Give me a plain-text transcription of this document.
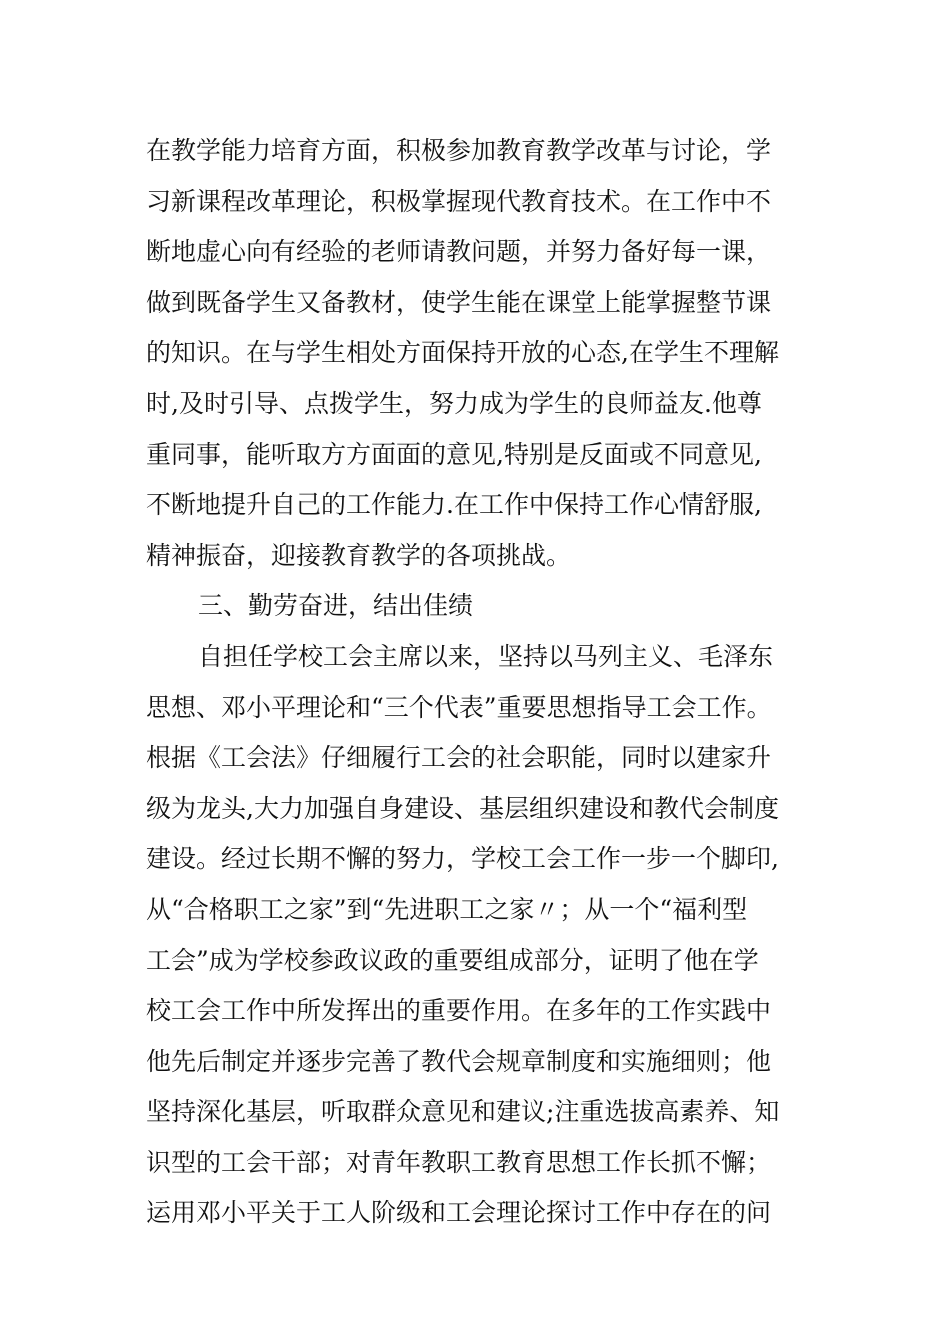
在教学能力培育方面，积极参加教育教学改革与讨论，学
习新课程改革理论，积极掌握现代教育技术。在工作中不
断地虚心向有经验的老师请教问题，并努力备好每一课，
做到既备学生又备教材，使学生能在课堂上能掌握整节课
的知识。在与学生相处方面保持开放的心态,在学生不理解
时,及时引导、点拨学生，努力成为学生的良师益友.他尊
重同事，能听取方方面面的意见,特别是反面或不同意见,
不断地提升自己的工作能力.在工作中保持工作心情舒服,
精神振奋，迎接教育教学的各项挑战。
三、勤劳奋进，结出佳绩
自担任学校工会主席以来，坚持以马列主义、毛泽东
思想、邓小平理论和“三个代表”重要思想指导工会工作。
根据《工会法》仔细履行工会的社会职能，同时以建家升
级为龙头,大力加强自身建设、基层组织建设和教代会制度
建设。经过长期不懈的努力，学校工会工作一步一个脚印,
从“合格职工之家”到“先进职工之家〃；从一个“福利型
工会”成为学校参政议政的重要组成部分，证明了他在学
校工会工作中所发挥出的重要作用。在多年的工作实践中
他先后制定并逐步完善了教代会规章制度和实施细则；他
坚持深化基层，听取群众意见和建议;注重选拔高素养、知
识型的工会干部；对青年教职工教育思想工作长抓不懈；
运用邓小平关于工人阶级和工会理论探讨工作中存在的问
